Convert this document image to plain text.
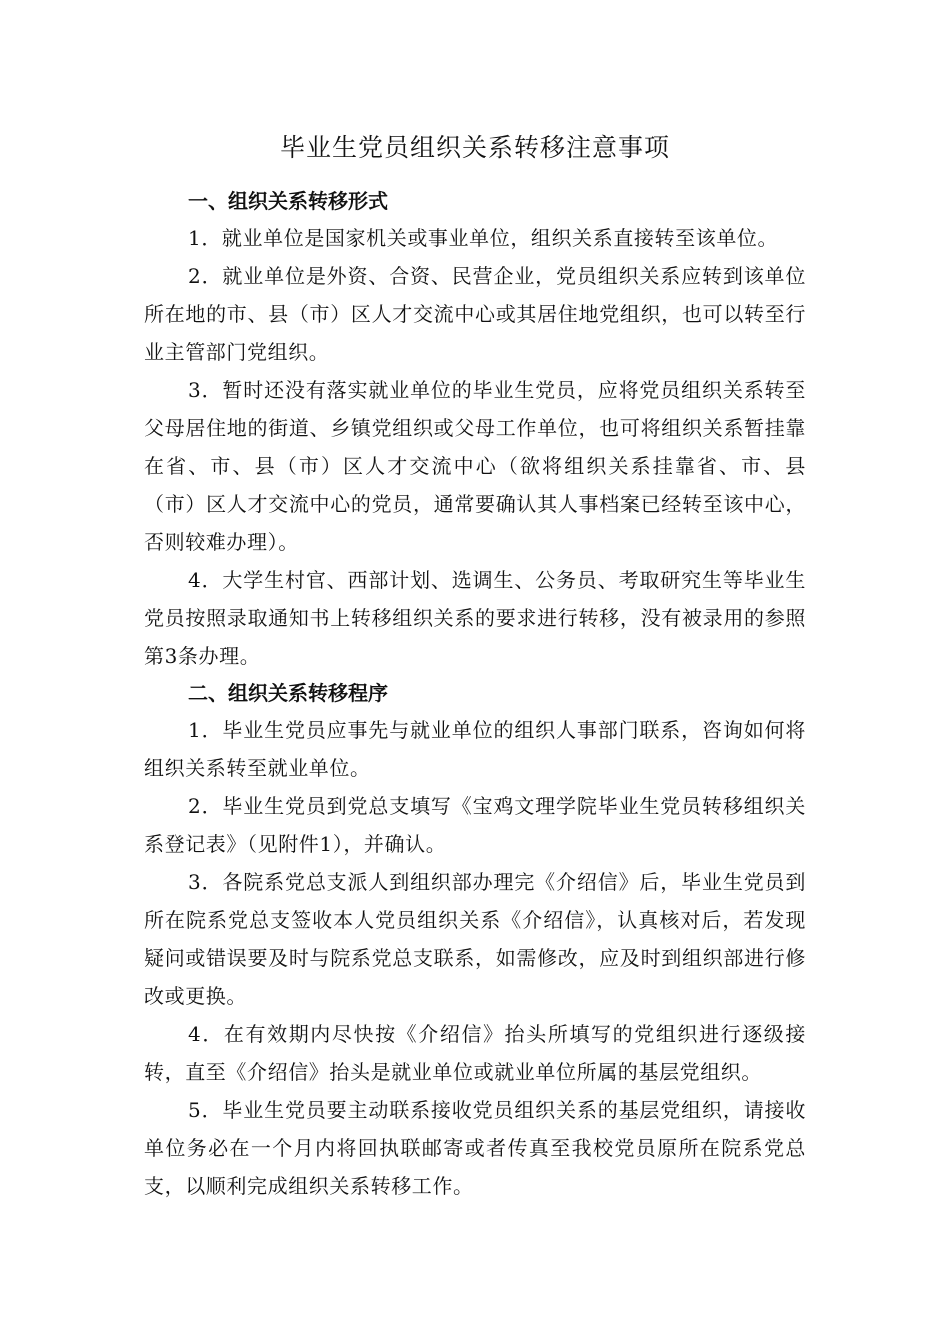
毕业生党员组织关系转移注意事项

一、组织关系转移形式

1．就业单位是国家机关或事业单位，组织关系直接转至该单位。

2．就业单位是外资、合资、民营企业，党员组织关系应转到该单位所在地的市、县（市）区人才交流中心或其居住地党组织，也可以转至行业主管部门党组织。

3．暂时还没有落实就业单位的毕业生党员，应将党员组织关系转至父母居住地的街道、乡镇党组织或父母工作单位，也可将组织关系暂挂靠在省、市、县（市）区人才交流中心（欲将组织关系挂靠省、市、县（市）区人才交流中心的党员，通常要确认其人事档案已经转至该中心，否则较难办理）。

4．大学生村官、西部计划、选调生、公务员、考取研究生等毕业生党员按照录取通知书上转移组织关系的要求进行转移，没有被录用的参照第3条办理。

二、组织关系转移程序

1．毕业生党员应事先与就业单位的组织人事部门联系，咨询如何将组织关系转至就业单位。

2．毕业生党员到党总支填写《宝鸡文理学院毕业生党员转移组织关系登记表》（见附件1），并确认。

3．各院系党总支派人到组织部办理完《介绍信》后，毕业生党员到所在院系党总支签收本人党员组织关系《介绍信》，认真核对后，若发现疑问或错误要及时与院系党总支联系，如需修改，应及时到组织部进行修改或更换。

4．在有效期内尽快按《介绍信》抬头所填写的党组织进行逐级接转，直至《介绍信》抬头是就业单位或就业单位所属的基层党组织。

5．毕业生党员要主动联系接收党员组织关系的基层党组织，请接收单位务必在一个月内将回执联邮寄或者传真至我校党员原所在院系党总支，以顺利完成组织关系转移工作。
